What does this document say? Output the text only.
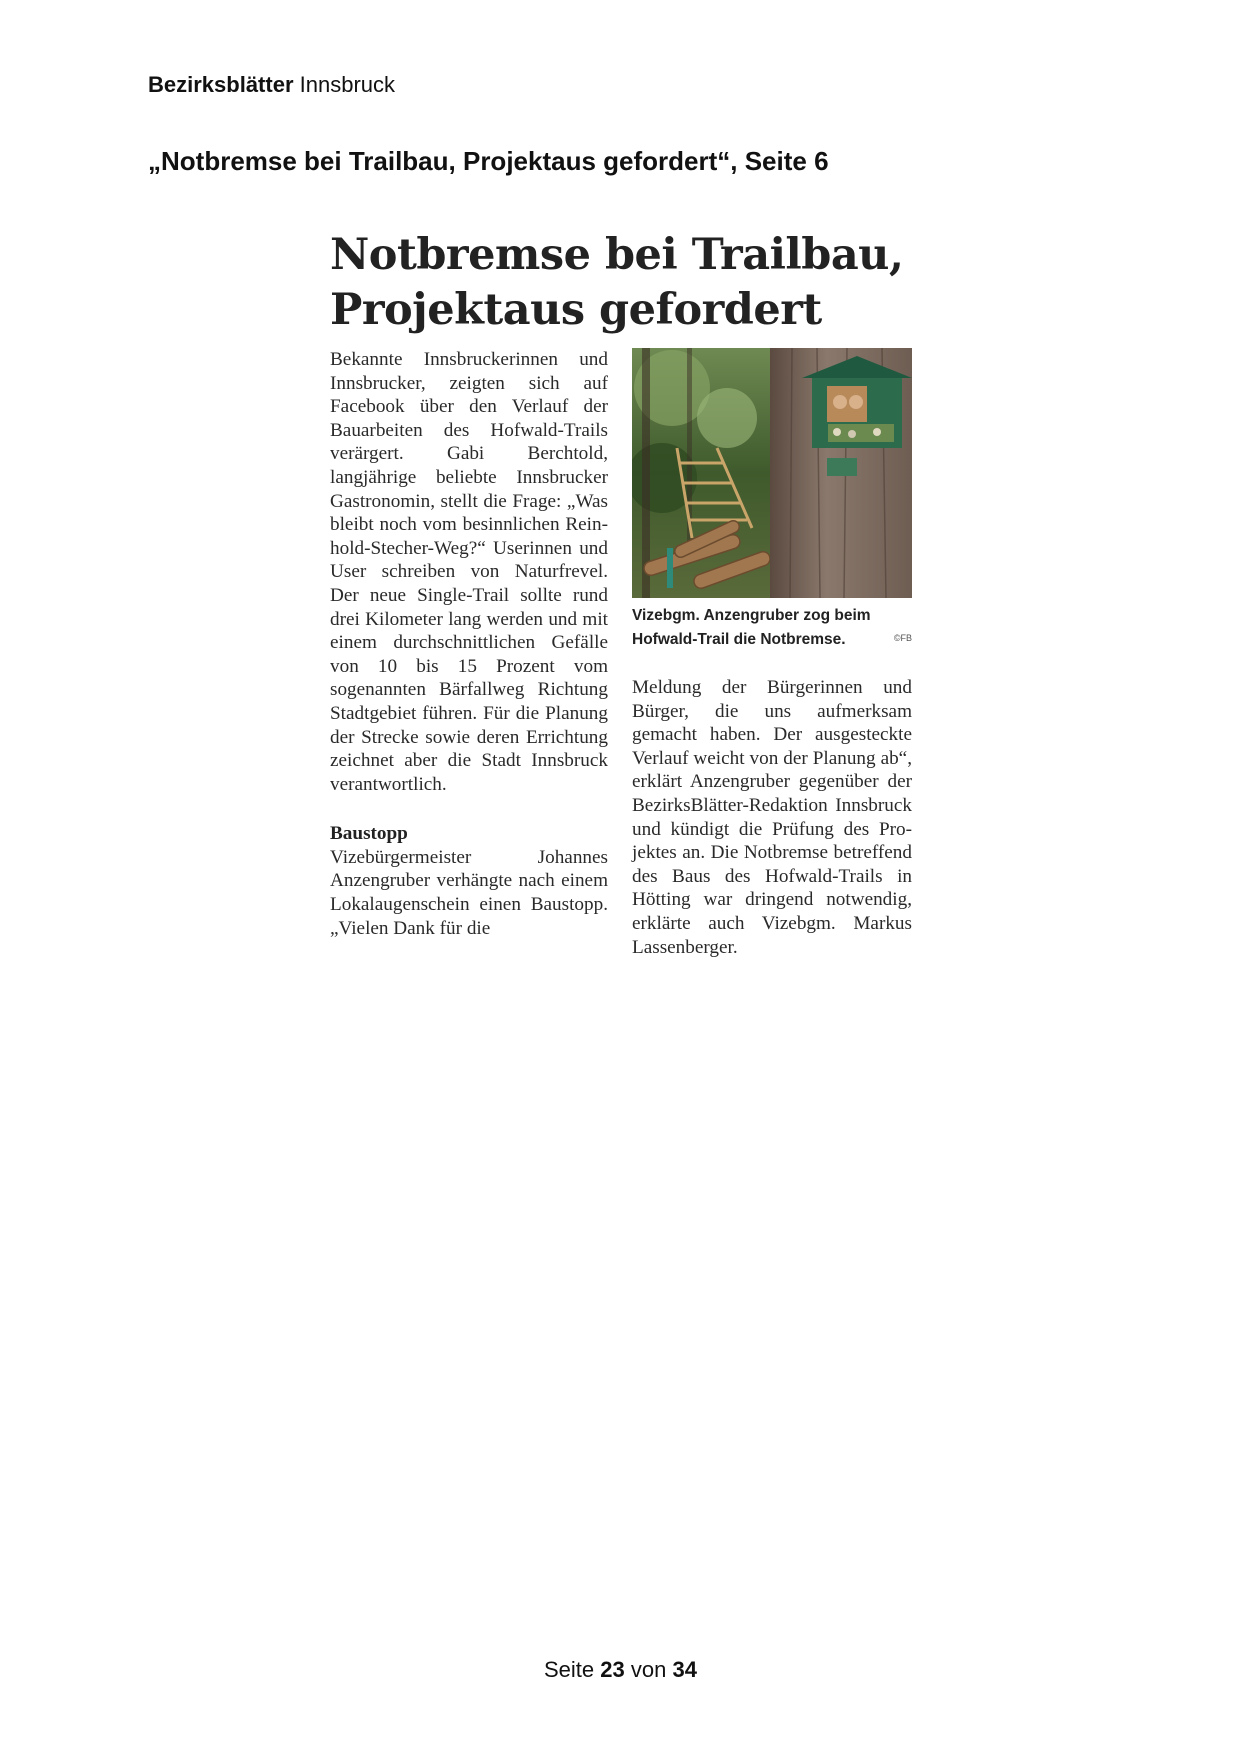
Bezirksblätter Innsbruck
„Notbremse bei Trailbau, Projektaus gefordert“, Seite 6
Notbremse bei Trailbau,
Projektaus gefordert

Bekannte Innsbruckerinnen und Innsbrucker, zeigten sich auf Facebook über den Verlauf der Bauarbeiten des Hofwald-Trails verärgert. Gabi Berchtold, langjährige beliebte Innsbrucker Gastronomin, stellt die Frage: „Was bleibt noch vom besinnlichen Reinhold-Stecher-Weg?“ Userinnen und User schreiben von Naturfrevel. Der neue Single-Trail sollte rund drei Kilometer lang werden und mit einem durchschnittlichen Gefälle von 10 bis 15 Prozent vom sogenannten Bärfallweg Richtung Stadtgebiet führen. Für die Planung der Strecke sowie deren Errichtung zeichnet aber die Stadt Innsbruck verantwortlich.

Baustopp

Vizebürgermeister Johannes Anzengruber verhängte nach einem Lokalaugenschein einen Baustopp. „Vielen Dank für die

Vizebgm. Anzengruber zog beim Hofwald-Trail die Notbremse.	©FB

Meldung der Bürgerinnen und Bürger, die uns aufmerksam gemacht haben. Der ausgesteckte Verlauf weicht von der Planung ab“, erklärt Anzengruber gegenüber der BezirksBlätter-Redaktion Innsbruck und kündigt die Prüfung des Projektes an. Die Notbremse betreffend des Baus des Hofwald-Trails in Hötting war dringend notwendig, erklärte auch Vizebgm. Markus Lassenberger.

Seite 23 von 34
